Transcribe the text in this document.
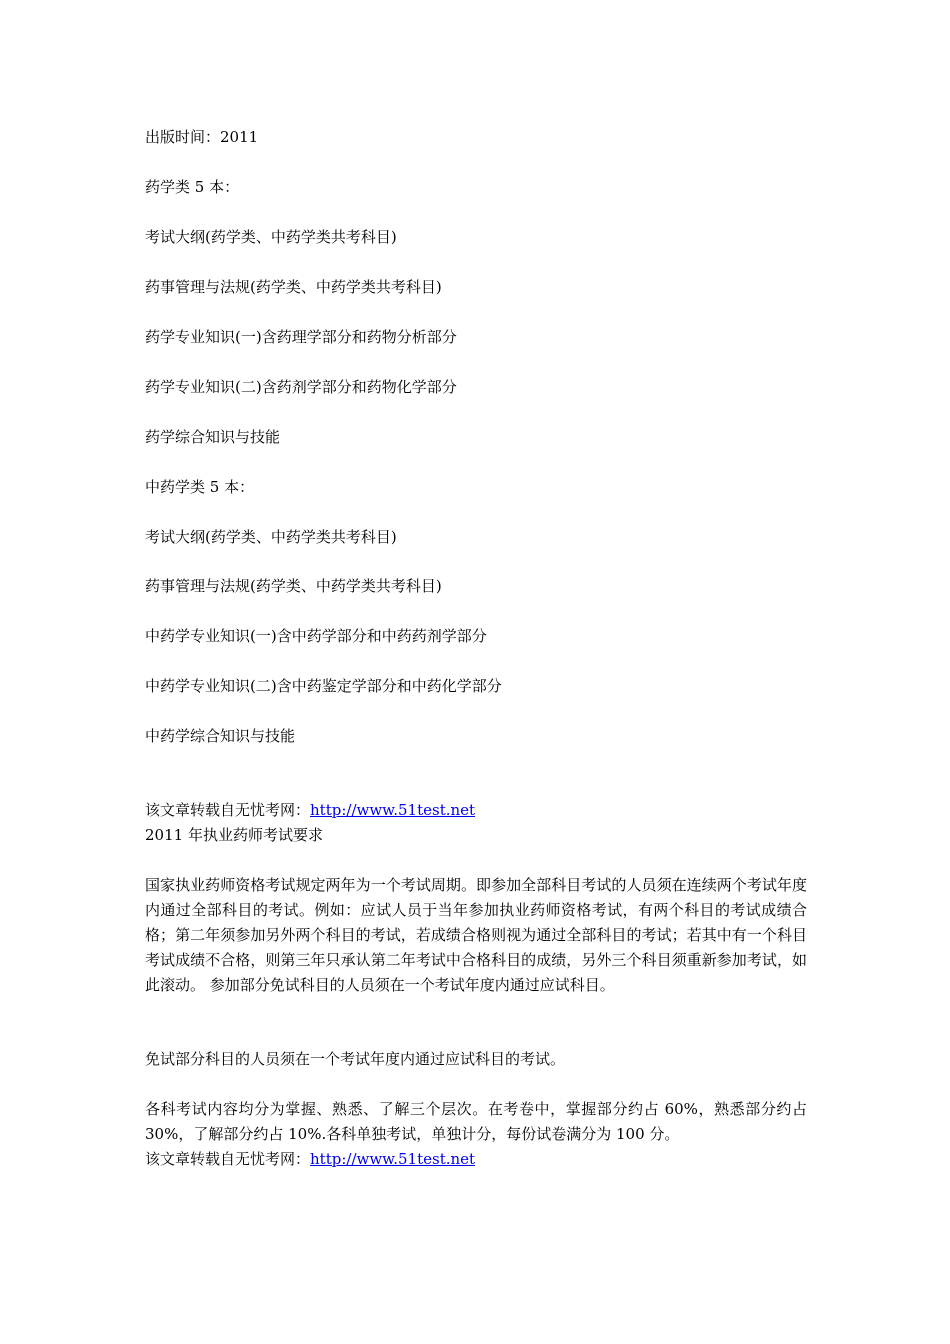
出版时间：2011
药学类 5 本：
考试大纲(药学类、中药学类共考科目)
药事管理与法规(药学类、中药学类共考科目)
药学专业知识(一)含药理学部分和药物分析部分
药学专业知识(二)含药剂学部分和药物化学部分
药学综合知识与技能
中药学类 5 本：
考试大纲(药学类、中药学类共考科目)
药事管理与法规(药学类、中药学类共考科目)
中药学专业知识(一)含中药学部分和中药药剂学部分
中药学专业知识(二)含中药鉴定学部分和中药化学部分
中药学综合知识与技能
该文章转载自无忧考网：http://www.51test.net
2011 年执业药师考试要求
国家执业药师资格考试规定两年为一个考试周期。即参加全部科目考试的人员须在连续两个考试年度内通过全部科目的考试。例如：应试人员于当年参加执业药师资格考试，有两个科目的考试成绩合格；第二年须参加另外两个科目的考试，若成绩合格则视为通过全部科目的考试；若其中有一个科目考试成绩不合格，则第三年只承认第二年考试中合格科目的成绩，另外三个科目须重新参加考试，如此滚动。 参加部分免试科目的人员须在一个考试年度内通过应试科目。
免试部分科目的人员须在一个考试年度内通过应试科目的考试。
各科考试内容均分为掌握、熟悉、了解三个层次。在考卷中，掌握部分约占 60%，熟悉部分约占 30%，了解部分约占 10%.各科单独考试，单独计分，每份试卷满分为 100 分。
该文章转载自无忧考网：http://www.51test.net
